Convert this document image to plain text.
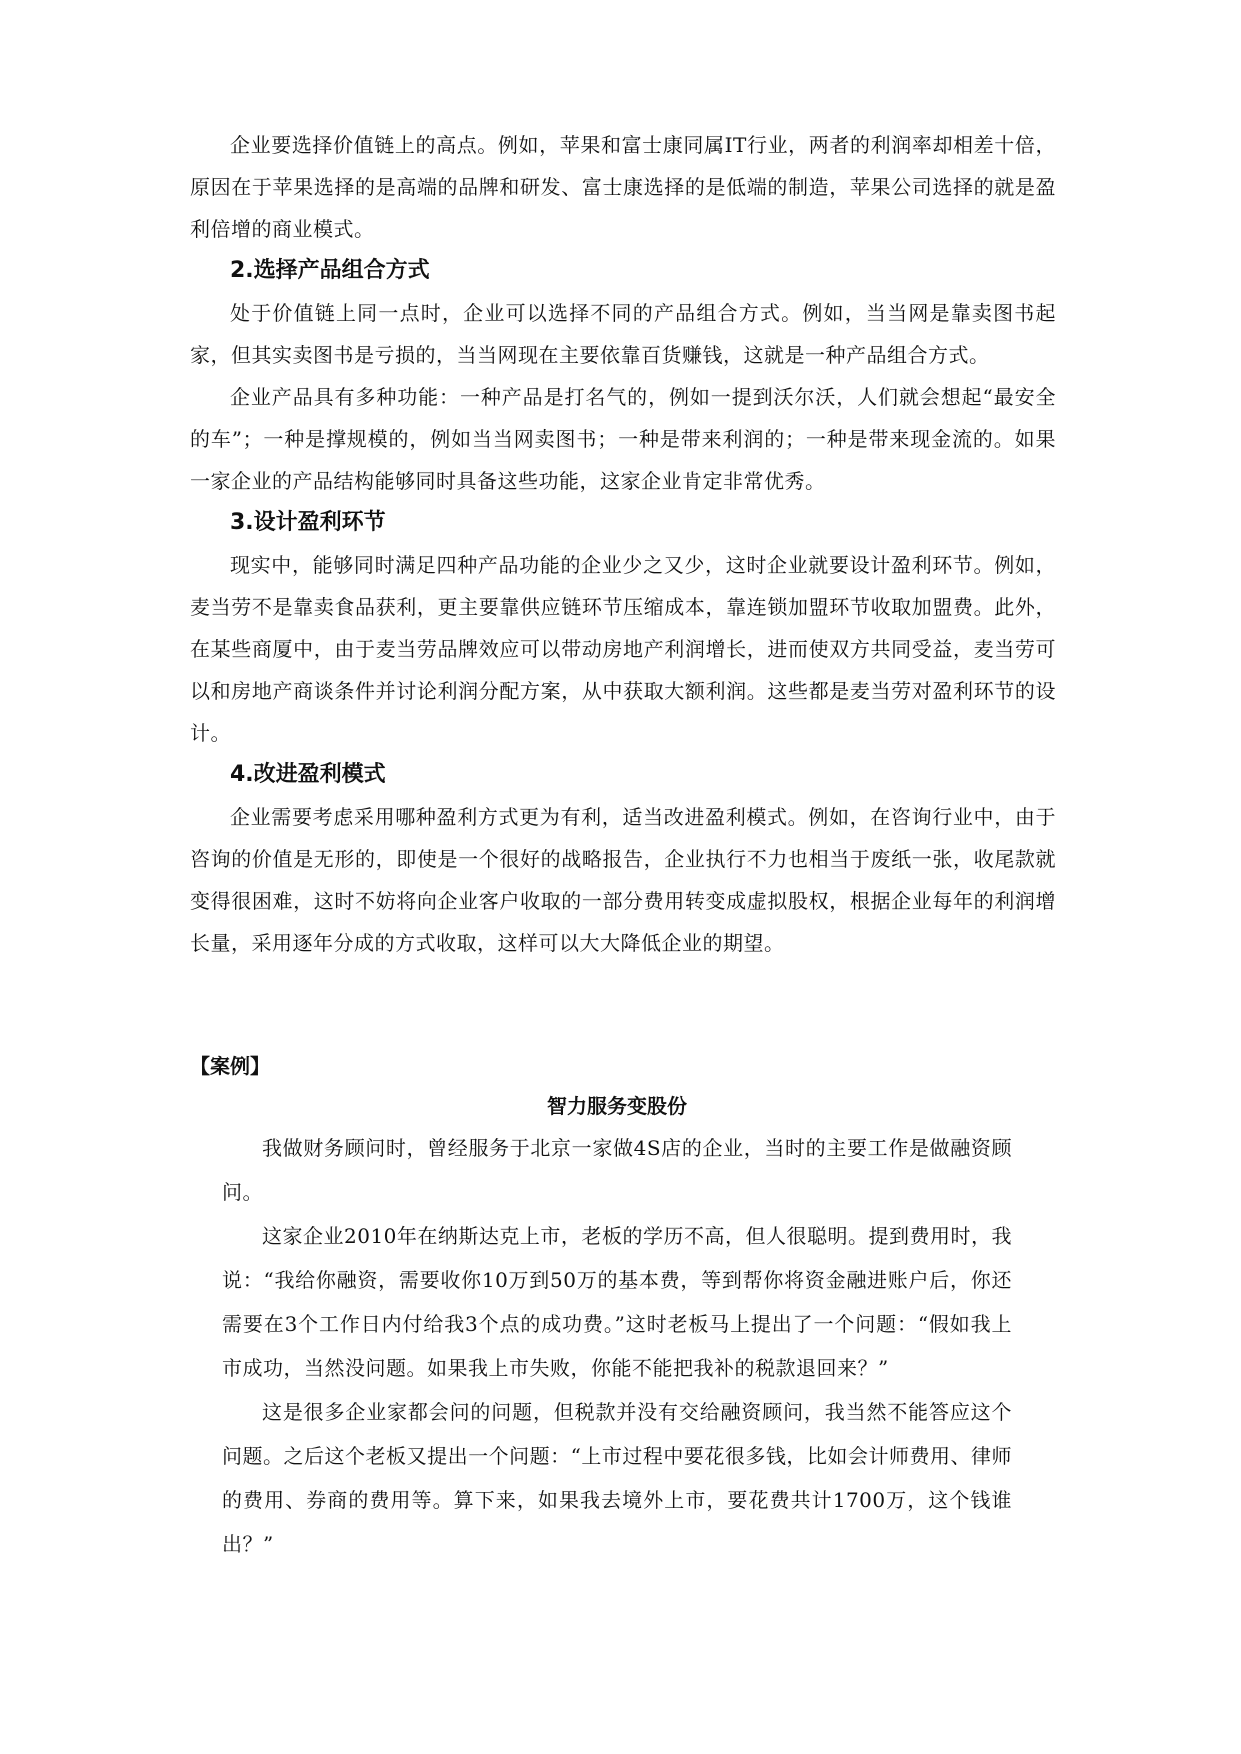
企业要选择价值链上的高点。例如，苹果和富士康同属IT行业，两者的利润率却相差十倍，原因在于苹果选择的是高端的品牌和研发、富士康选择的是低端的制造，苹果公司选择的就是盈利倍增的商业模式。

2.选择产品组合方式

处于价值链上同一点时，企业可以选择不同的产品组合方式。例如，当当网是靠卖图书起家，但其实卖图书是亏损的，当当网现在主要依靠百货赚钱，这就是一种产品组合方式。

企业产品具有多种功能：一种产品是打名气的，例如一提到沃尔沃，人们就会想起“最安全的车”；一种是撑规模的，例如当当网卖图书；一种是带来利润的；一种是带来现金流的。如果一家企业的产品结构能够同时具备这些功能，这家企业肯定非常优秀。

3.设计盈利环节

现实中，能够同时满足四种产品功能的企业少之又少，这时企业就要设计盈利环节。例如，麦当劳不是靠卖食品获利，更主要靠供应链环节压缩成本，靠连锁加盟环节收取加盟费。此外，在某些商厦中，由于麦当劳品牌效应可以带动房地产利润增长，进而使双方共同受益，麦当劳可以和房地产商谈条件并讨论利润分配方案，从中获取大额利润。这些都是麦当劳对盈利环节的设计。

4.改进盈利模式

企业需要考虑采用哪种盈利方式更为有利，适当改进盈利模式。例如，在咨询行业中，由于咨询的价值是无形的，即使是一个很好的战略报告，企业执行不力也相当于废纸一张，收尾款就变得很困难，这时不妨将向企业客户收取的一部分费用转变成虚拟股权，根据企业每年的利润增长量，采用逐年分成的方式收取，这样可以大大降低企业的期望。

【案例】

智力服务变股份

我做财务顾问时，曾经服务于北京一家做4S店的企业，当时的主要工作是做融资顾问。

这家企业2010年在纳斯达克上市，老板的学历不高，但人很聪明。提到费用时，我说：“我给你融资，需要收你10万到50万的基本费，等到帮你将资金融进账户后，你还需要在3个工作日内付给我3个点的成功费。”这时老板马上提出了一个问题：“假如我上市成功，当然没问题。如果我上市失败，你能不能把我补的税款退回来？”

这是很多企业家都会问的问题，但税款并没有交给融资顾问，我当然不能答应这个问题。之后这个老板又提出一个问题：“上市过程中要花很多钱，比如会计师费用、律师的费用、券商的费用等。算下来，如果我去境外上市，要花费共计1700万，这个钱谁出？”
